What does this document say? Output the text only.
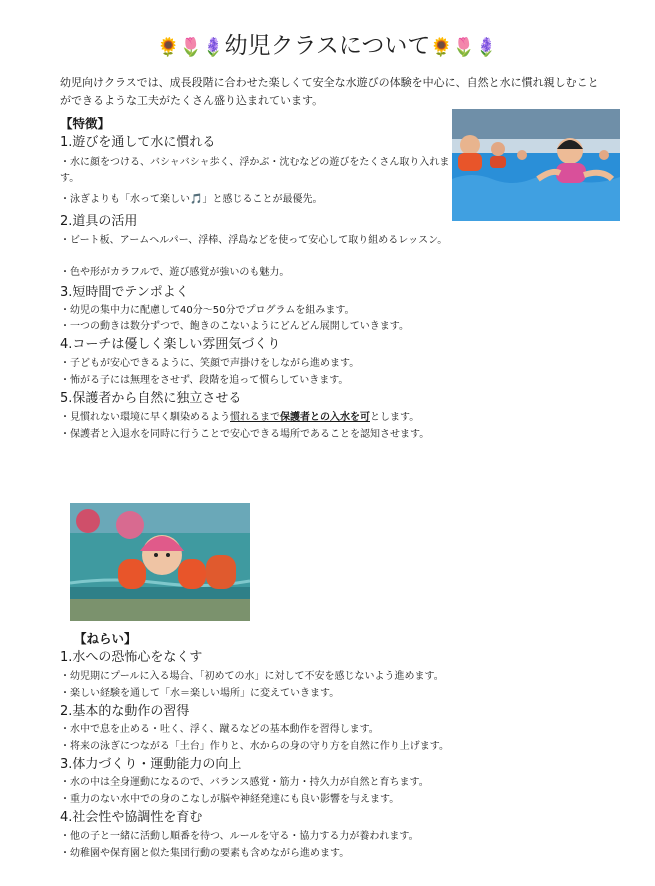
🌻🌷🪻幼児クラスについて🌻🌷🪻
幼児向けクラスでは、成長段階に合わせた楽しくて安全な水遊びの体験を中心に、自然と水に慣れ親しむことができるような工夫がたくさん盛り込まれています。
【特徴】
1.遊びを通して水に慣れる
・水に顔をつける、バシャバシャ歩く、浮かぶ・沈むなどの遊びをたくさん取り入れます。
・泳ぎよりも「水って楽しい🎵」と感じることが最優先。
2.道具の活用
・ビート板、アームヘルパー、浮棒、浮島などを使って安心して取り組めるレッスン。
・色や形がカラフルで、遊び感覚が強いのも魅力。
3.短時間でテンポよく
・幼児の集中力に配慮して40分〜50分でプログラムを組みます。
・一つの動きは数分ずつで、飽きのこないようにどんどん展開していきます。
4.コーチは優しく楽しい雰囲気づくり
・子どもが安心できるように、笑顔で声掛けをしながら進めます。
・怖がる子には無理をさせず、段階を追って慣らしていきます。
5.保護者から自然に独立させる
・見慣れない環境に早く馴染めるよう慣れるまで保護者との入水を可とします。
・保護者と入退水を同時に行うことで安心できる場所であることを認知させます。
【ねらい】
1.水への恐怖心をなくす
・幼児期にプールに入る場合、「初めての水」に対して不安を感じないよう進めます。
・楽しい経験を通して「水＝楽しい場所」に変えていきます。
2.基本的な動作の習得
・水中で息を止める・吐く、浮く、蹴るなどの基本動作を習得します。
・将来の泳ぎにつながる「土台」作りと、水からの身の守り方を自然に作り上げます。
3.体力づくり・運動能力の向上
・水の中は全身運動になるので、バランス感覚・筋力・持久力が自然と育ちます。
・重力のない水中での身のこなしが脳や神経発達にも良い影響を与えます。
4.社会性や協調性を育む
・他の子と一緒に活動し順番を待つ、ルールを守る・協力する力が養われます。
・幼稚園や保育園と似た集団行動の要素も含めながら進めます。
